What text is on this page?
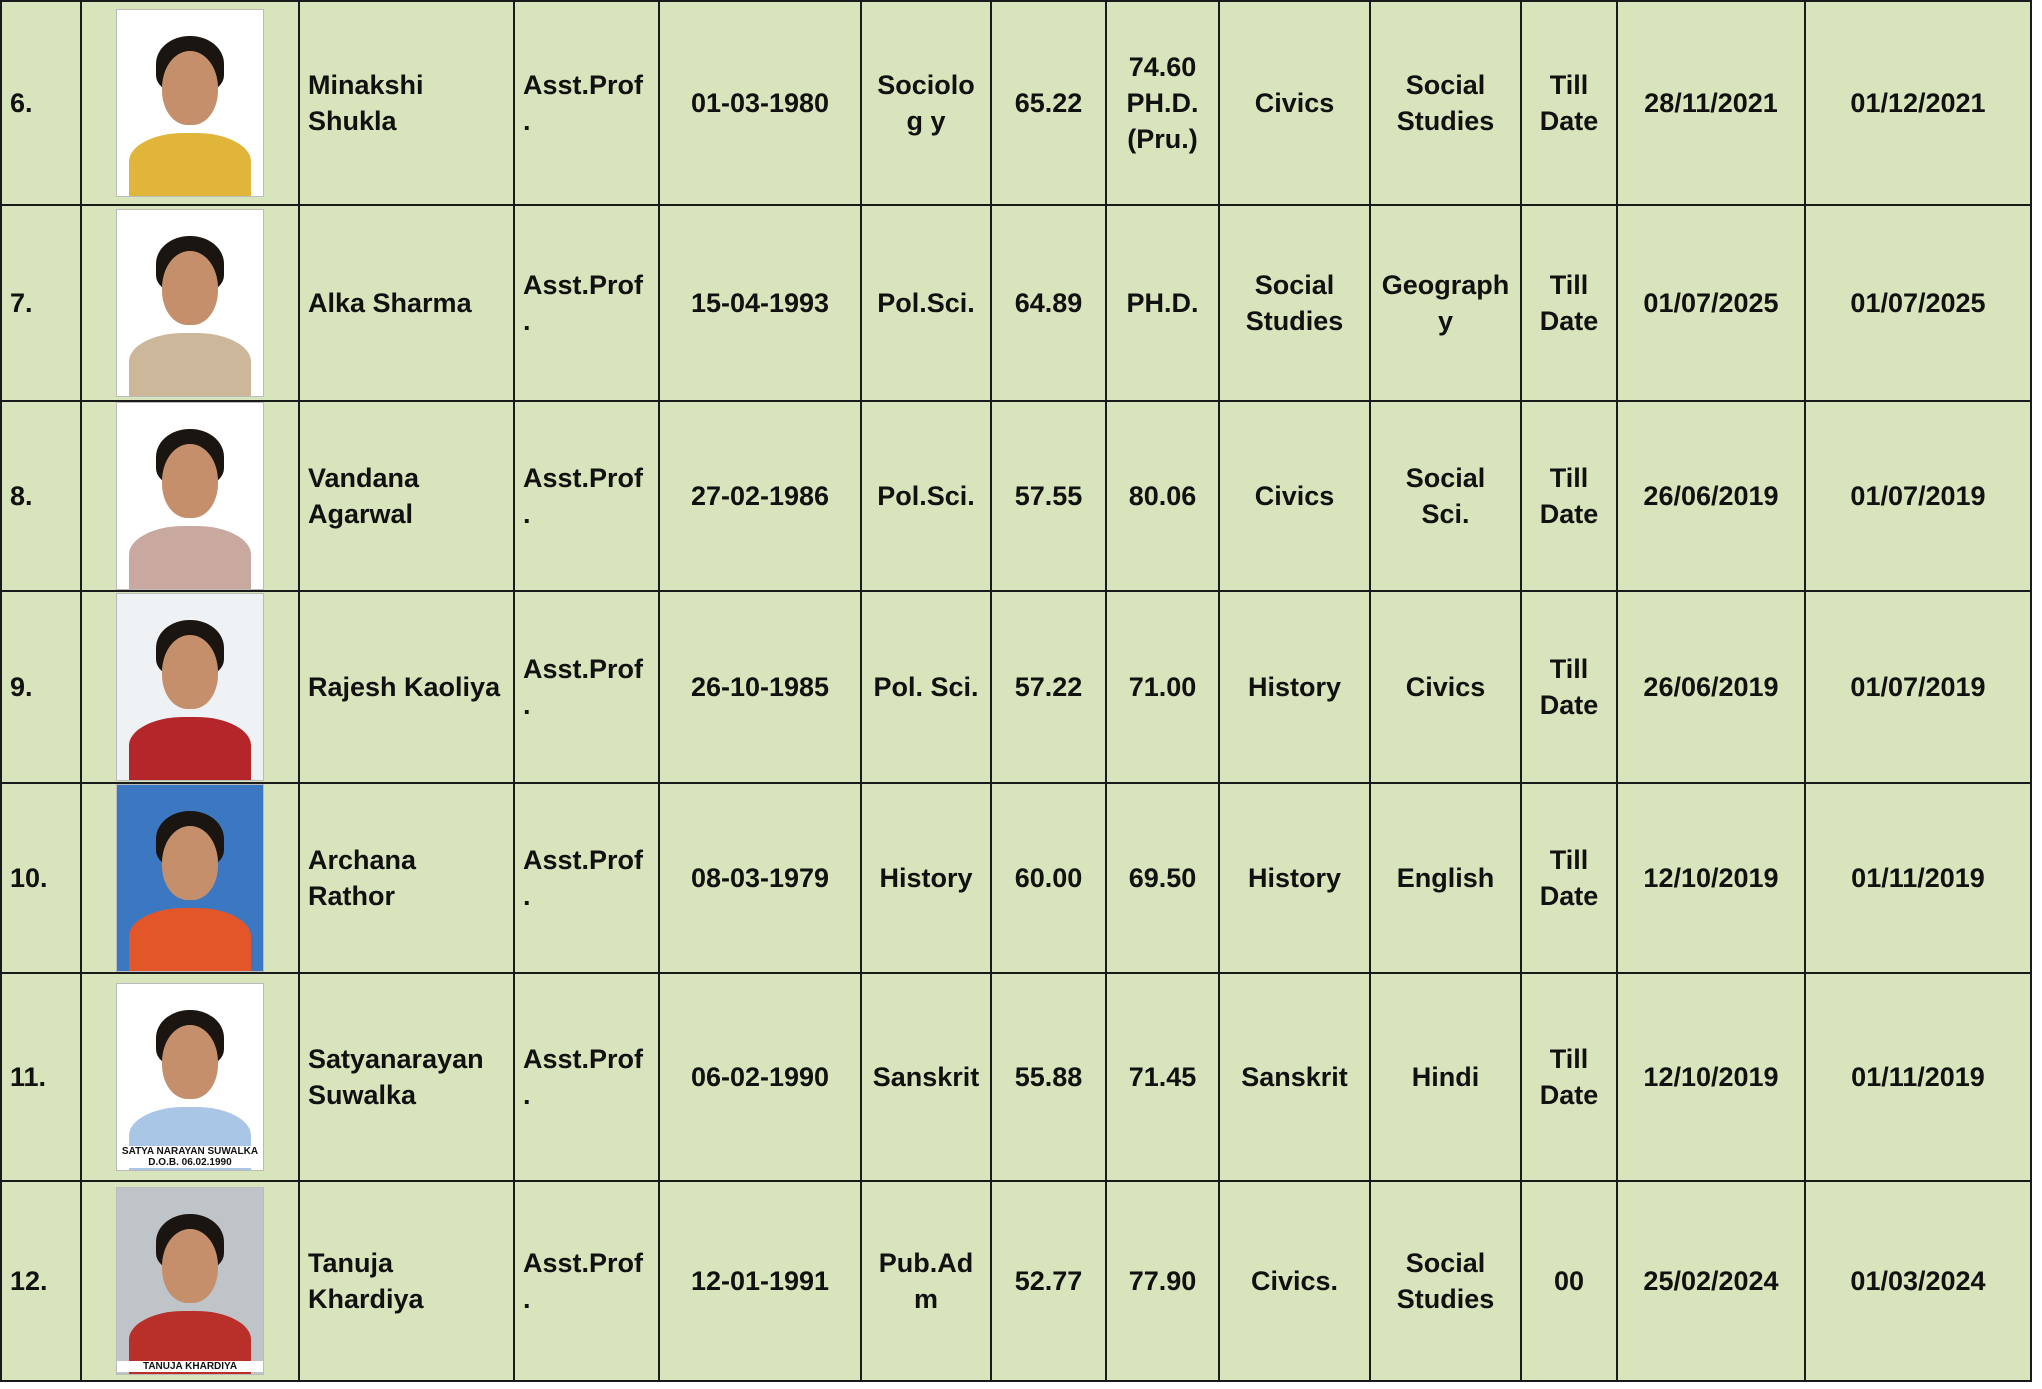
6.		Minakshi Shukla	Asst.Prof .	01-03-1980	Sociolog y	65.22	74.60 PH.D. (Pru.)	Civics	Social Studies	Till Date	28/11/2021	01/12/2021
7.		Alka Sharma	Asst.Prof .	15-04-1993	Pol.Sci.	64.89	PH.D.	Social Studies	Geography	Till Date	01/07/2025	01/07/2025
8.		Vandana Agarwal	Asst.Prof .	27-02-1986	Pol.Sci.	57.55	80.06	Civics	Social Sci.	Till Date	26/06/2019	01/07/2019
9.		Rajesh Kaoliya	Asst.Prof .	26-10-1985	Pol. Sci.	57.22	71.00	History	Civics	Till Date	26/06/2019	01/07/2019
10.		Archana Rathor	Asst.Prof .	08-03-1979	History	60.00	69.50	History	English	Till Date	12/10/2019	01/11/2019
11.	SATYA NARAYAN SUWALKA D.O.B. 06.02.1990	Satyanarayan Suwalka	Asst.Prof .	06-02-1990	Sanskrit	55.88	71.45	Sanskrit	Hindi	Till Date	12/10/2019	01/11/2019
12.	TANUJA KHARDIYA	Tanuja Khardiya	Asst.Prof .	12-01-1991	Pub.Ad m	52.77	77.90	Civics.	Social Studies	00	25/02/2024	01/03/2024
